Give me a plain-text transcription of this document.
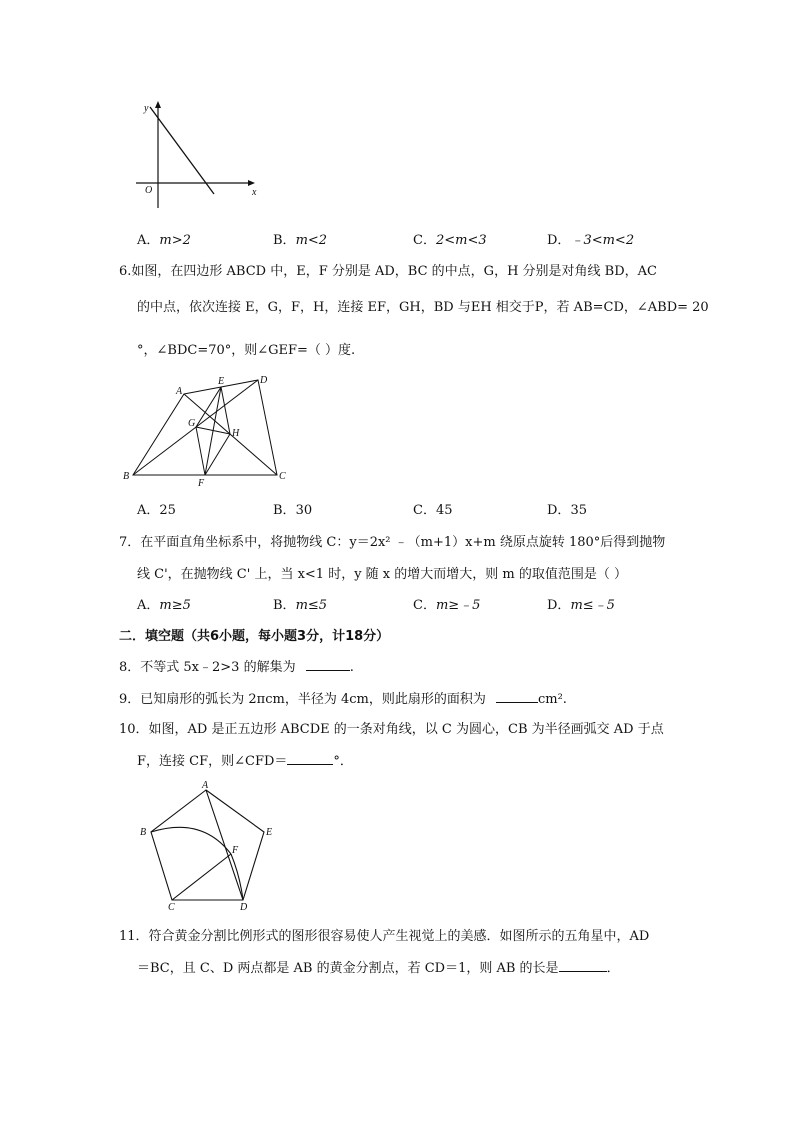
y
O	x
A．m>2	B．m<2	C．2<m<3	D．﹣3<m<2
6.如图，在四边形 ABCD 中，E，F 分别是 AD，BC 的中点，G，H 分别是对角线 BD，AC
的中点，依次连接 E，G，F，H，连接 EF，GH，BD 与EH 相交于P，若 AB=CD，∠ABD= 20
°，∠BDC=70°，则∠GEF=（ ）度.
A
E	D
G
H
B
F
C
A．25	B．30	C．45	D．35
7．在平面直角坐标系中，将抛物线 C：y＝2x² ﹣（m+1）x+m 绕原点旋转 180°后得到抛物
线 C'，在抛物线 C' 上，当 x<1 时，y 随 x 的增大而增大，则 m 的取值范围是（ ）
A．m≥5	B．m≤5	C．m≥﹣5	D．m≤﹣5
二．填空题（共6小题，每小题3分，计18分）
8．不等式 5x﹣2>3 的解集为	.
9．已知扇形的弧长为 2πcm，半径为 4cm，则此扇形的面积为	cm².
10．如图，AD 是正五边形 ABCDE 的一条对角线，以 C 为圆心，CB 为半径画弧交 AD 于点
F，连接 CF，则∠CFD＝	°．
A
B	E
F
C	D
11．符合黄金分割比例形式的图形很容易使人产生视觉上的美感．如图所示的五角星中，AD
＝BC，且 C、D 两点都是 AB 的黄金分割点，若 CD＝1，则 AB 的长是	．
